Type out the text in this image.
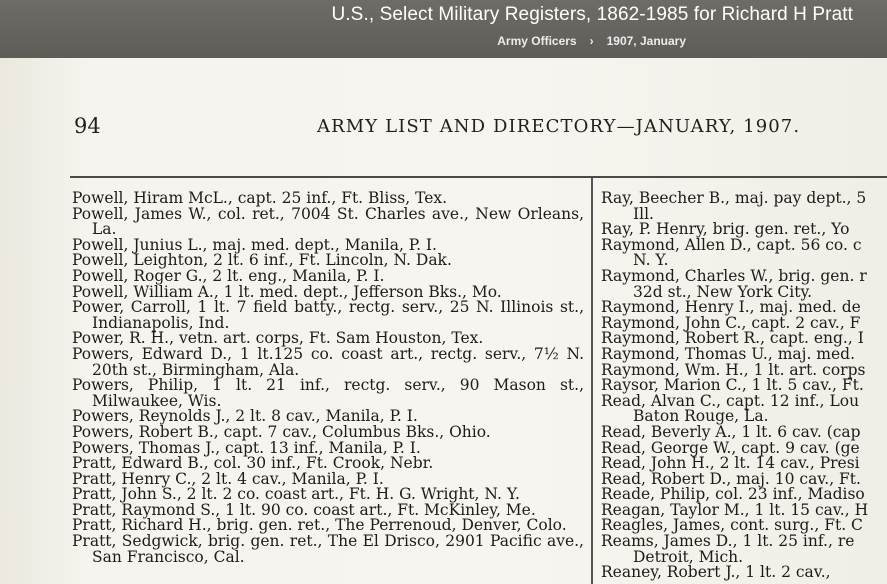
U.S., Select Military Registers, 1862-1985 for Richard H Pratt
Army Officers › 1907, January
94	ARMY LIST AND DIRECTORY—JANUARY, 1907.
Powell, Hiram McL., capt. 25 inf., Ft. Bliss, Tex.
Powell, James W., col. ret., 7004 St. Charles ave., New Orleans, La.
Powell, Junius L., maj. med. dept., Manila, P. I.
Powell, Leighton, 2 lt. 6 inf., Ft. Lincoln, N. Dak.
Powell, Roger G., 2 lt. eng., Manila, P. I.
Powell, William A., 1 lt. med. dept., Jefferson Bks., Mo.
Power, Carroll, 1 lt. 7 field batty., rectg. serv., 25 N. Illinois st., Indianapolis, Ind.
Power, R. H., vetn. art. corps, Ft. Sam Houston, Tex.
Powers, Edward D., 1 lt.125 co. coast art., rectg. serv., 7½ N. 20th st., Birmingham, Ala.
Powers, Philip, 1 lt. 21 inf., rectg. serv., 90 Mason st., Milwaukee, Wis.
Powers, Reynolds J., 2 lt. 8 cav., Manila, P. I.
Powers, Robert B., capt. 7 cav., Columbus Bks., Ohio.
Powers, Thomas J., capt. 13 inf., Manila, P. I.
Pratt, Edward B., col. 30 inf., Ft. Crook, Nebr.
Pratt, Henry C., 2 lt. 4 cav., Manila, P. I.
Pratt, John S., 2 lt. 2 co. coast art., Ft. H. G. Wright, N. Y.
Pratt, Raymond S., 1 lt. 90 co. coast art., Ft. McKinley, Me.
Pratt, Richard H., brig. gen. ret., The Perrenoud, Denver, Colo.
Pratt, Sedgwick, brig. gen. ret., The El Drisco, 2901 Pacific ave., San Francisco, Cal.
Ray, Beecher B., maj. pay dept., 5
Ill.
Ray, P. Henry, brig. gen. ret., Yo
Raymond, Allen D., capt. 56 co. c
N. Y.
Raymond, Charles W., brig. gen. r
32d st., New York City.
Raymond, Henry I., maj. med. de
Raymond, John C., capt. 2 cav., F
Raymond, Robert R., capt. eng., I
Raymond, Thomas U., maj. med.
Raymond, Wm. H., 1 lt. art. corps
Raysor, Marion C., 1 lt. 5 cav., Ft.
Read, Alvan C., capt. 12 inf., Lou
Baton Rouge, La.
Read, Beverly A., 1 lt. 6 cav. (cap
Read, George W., capt. 9 cav. (ge
Read, John H., 2 lt. 14 cav., Presi
Read, Robert D., maj. 10 cav., Ft.
Reade, Philip, col. 23 inf., Madiso
Reagan, Taylor M., 1 lt. 15 cav., H
Reagles, James, cont. surg., Ft. C
Reams, James D., 1 lt. 25 inf., re
Detroit, Mich.
Reaney, Robert J., 1 lt. 2 cav.,
